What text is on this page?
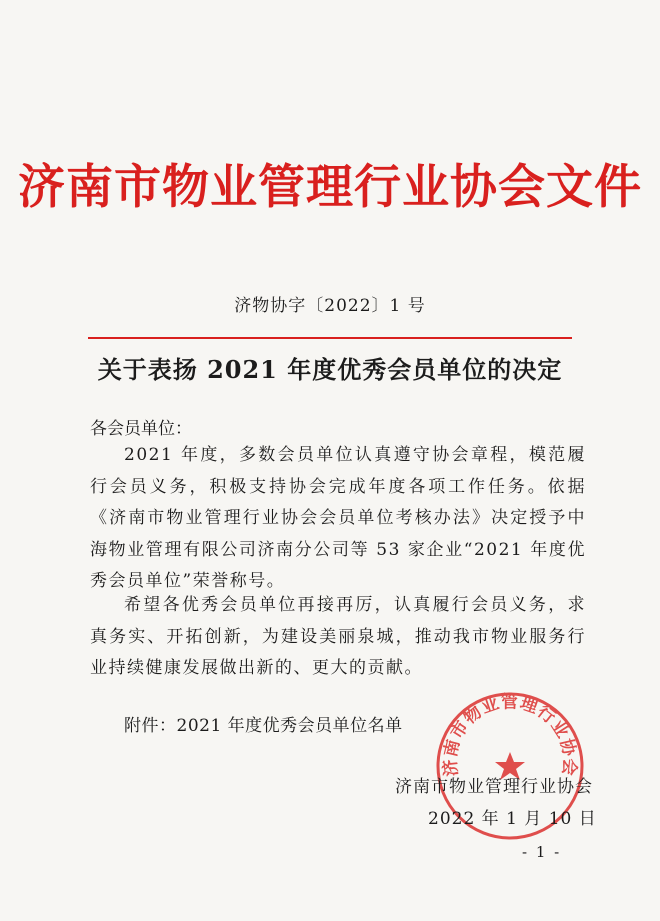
济南市物业管理行业协会文件
济物协字〔2022〕1 号
关于表扬 2021 年度优秀会员单位的决定
各会员单位：
2021 年度，多数会员单位认真遵守协会章程，模范履行会员义务，积极支持协会完成年度各项工作任务。依据《济南市物业管理行业协会会员单位考核办法》决定授予中海物业管理有限公司济南分公司等 53 家企业“2021 年度优秀会员单位”荣誉称号。
希望各优秀会员单位再接再厉，认真履行会员义务，求真务实、开拓创新，为建设美丽泉城，推动我市物业服务行业持续健康发展做出新的、更大的贡献。
附件：2021 年度优秀会员单位名单
济南市物业管理行业协会
济南市物业管理行业协会
2022 年 1 月 10 日
- 1 -
